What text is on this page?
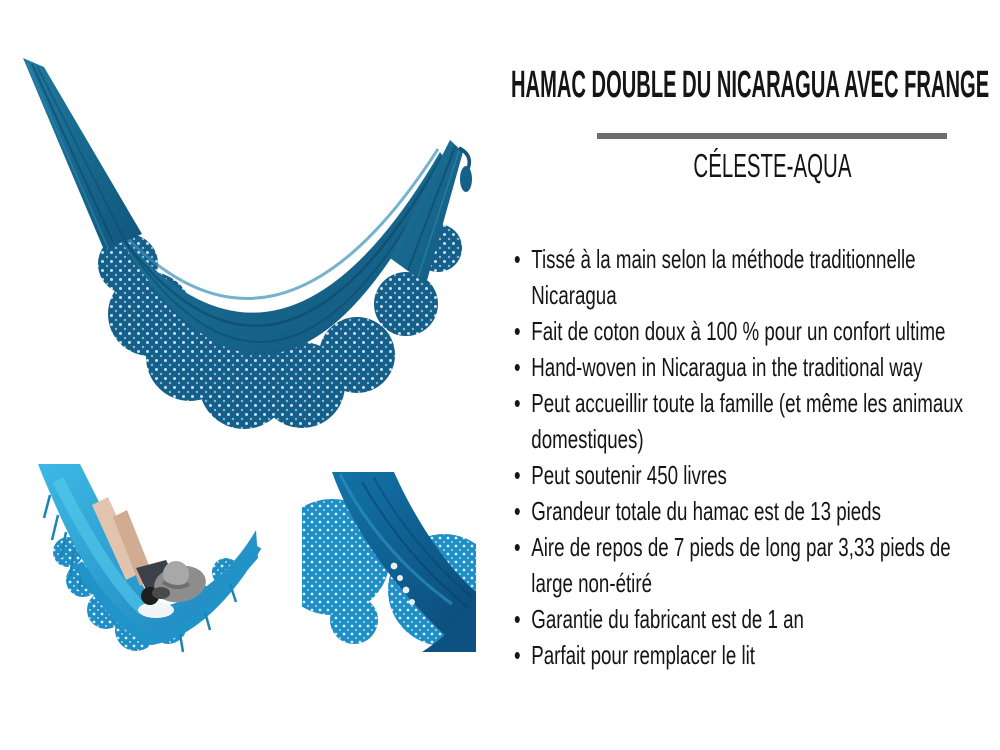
HAMAC DOUBLE DU NICARAGUA AVEC FRANGE
CÉLESTE-AQUA
• Tissé à la main selon la méthode traditionnelle Nicaragua
• Fait de coton doux à 100 % pour un confort ultime
• Hand-woven in Nicaragua in the traditional way
• Peut accueillir toute la famille (et même les animaux domestiques)
• Peut soutenir 450 livres
• Grandeur totale du hamac est de 13 pieds
• Aire de repos de 7 pieds de long par 3,33 pieds de large non-étiré
• Garantie du fabricant est de 1 an
• Parfait pour remplacer le lit
